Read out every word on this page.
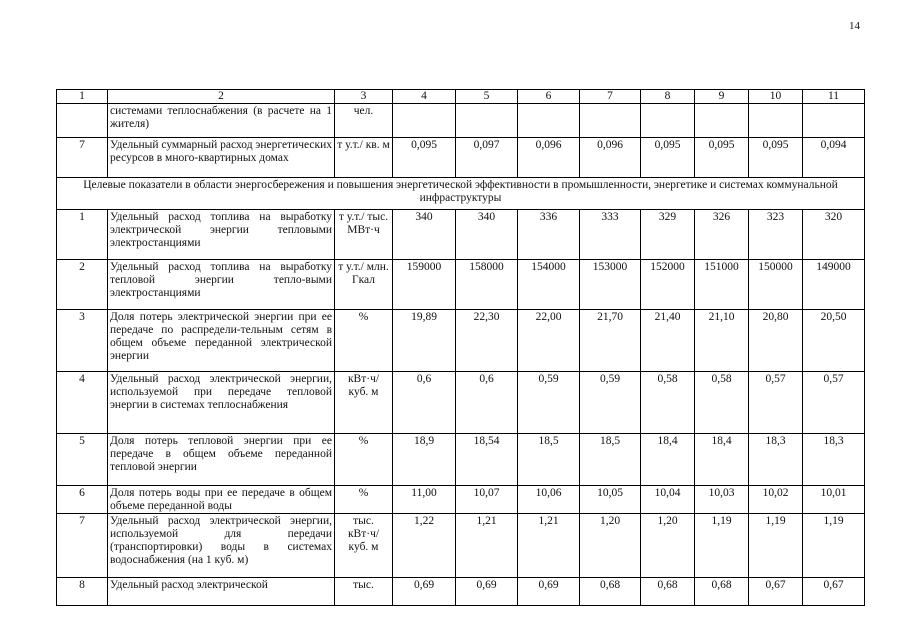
14
1	2	3	4	5	6	7	8	9	10	11
	системами теплоснабжения (в расчете на 1 жителя)	чел.								
7	Удельный суммарный расход энергетических ресурсов в много-квартирных домах	т у.т./ кв. м	0,095	0,097	0,096	0,096	0,095	0,095	0,095	0,094
Целевые показатели в области энергосбережения и повышения энергетической эффективности в промышленности, энергетике и системах коммунальной инфраструктуры										
1	Удельный расход топлива на выработку электрической энергии тепловыми электростанциями	т у.т./ тыс. МВт·ч	340	340	336	333	329	326	323	320
2	Удельный расход топлива на выработку тепловой энергии тепло-выми электростанциями	т у.т./ млн. Гкал	159000	158000	154000	153000	152000	151000	150000	149000
3	Доля потерь электрической энергии при ее передаче по распредели-тельным сетям в общем объеме переданной электрической энергии	%	19,89	22,30	22,00	21,70	21,40	21,10	20,80	20,50
4	Удельный расход электрической энергии, используемой при передаче тепловой энергии в системах теплоснабжения	кВт·ч/ куб. м	0,6	0,6	0,59	0,59	0,58	0,58	0,57	0,57
5	Доля потерь тепловой энергии при ее передаче в общем объеме переданной тепловой энергии	%	18,9	18,54	18,5	18,5	18,4	18,4	18,3	18,3
6	Доля потерь воды при ее передаче в общем объеме переданной воды	%	11,00	10,07	10,06	10,05	10,04	10,03	10,02	10,01
7	Удельный расход электрической энергии, используемой для передачи (транспортировки) воды в системах водоснабжения (на 1 куб. м)	тыс. кВт·ч/ куб. м	1,22	1,21	1,21	1,20	1,20	1,19	1,19	1,19
8	Удельный расход электрической	тыс.	0,69	0,69	0,69	0,68	0,68	0,68	0,67	0,67
